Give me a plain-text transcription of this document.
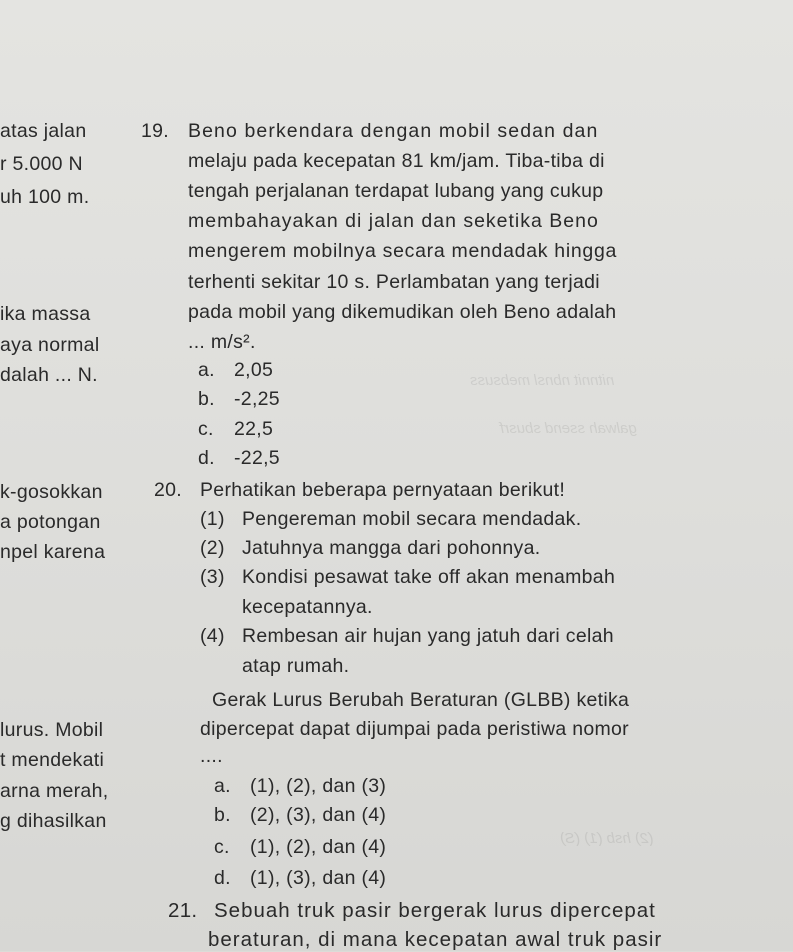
nitnnit nbnsl mebsuss
galwah ssend sbusrf
(2) hsb (1) (S)
atas jalan
r 5.000 N
uh 100 m.
ika massa
aya normal
dalah ... N.
k-gosokkan
a potongan
npel karena
lurus. Mobil
t mendekati
arna merah,
g dihasilkan
19. Beno berkendara dengan mobil sedan dan
melaju pada kecepatan 81 km/jam. Tiba-tiba di
tengah perjalanan terdapat lubang yang cukup
membahayakan di jalan dan seketika Beno
mengerem mobilnya secara mendadak hingga
terhenti sekitar 10 s. Perlambatan yang terjadi
pada mobil yang dikemudikan oleh Beno adalah
... m/s².
a. 2,05
b. -2,25
c. 22,5
d. -22,5
20. Perhatikan beberapa pernyataan berikut!
(1) Pengereman mobil secara mendadak.
(2) Jatuhnya mangga dari pohonnya.
(3) Kondisi pesawat take off akan menambah
kecepatannya.
(4) Rembesan air hujan yang jatuh dari celah
atap rumah.
Gerak Lurus Berubah Beraturan (GLBB) ketika
dipercepat dapat dijumpai pada peristiwa nomor
....
a. (1), (2), dan (3)
b. (2), (3), dan (4)
c. (1), (2), dan (4)
d. (1), (3), dan (4)
21. Sebuah truk pasir bergerak lurus dipercepat
beraturan, di mana kecepatan awal truk pasir
